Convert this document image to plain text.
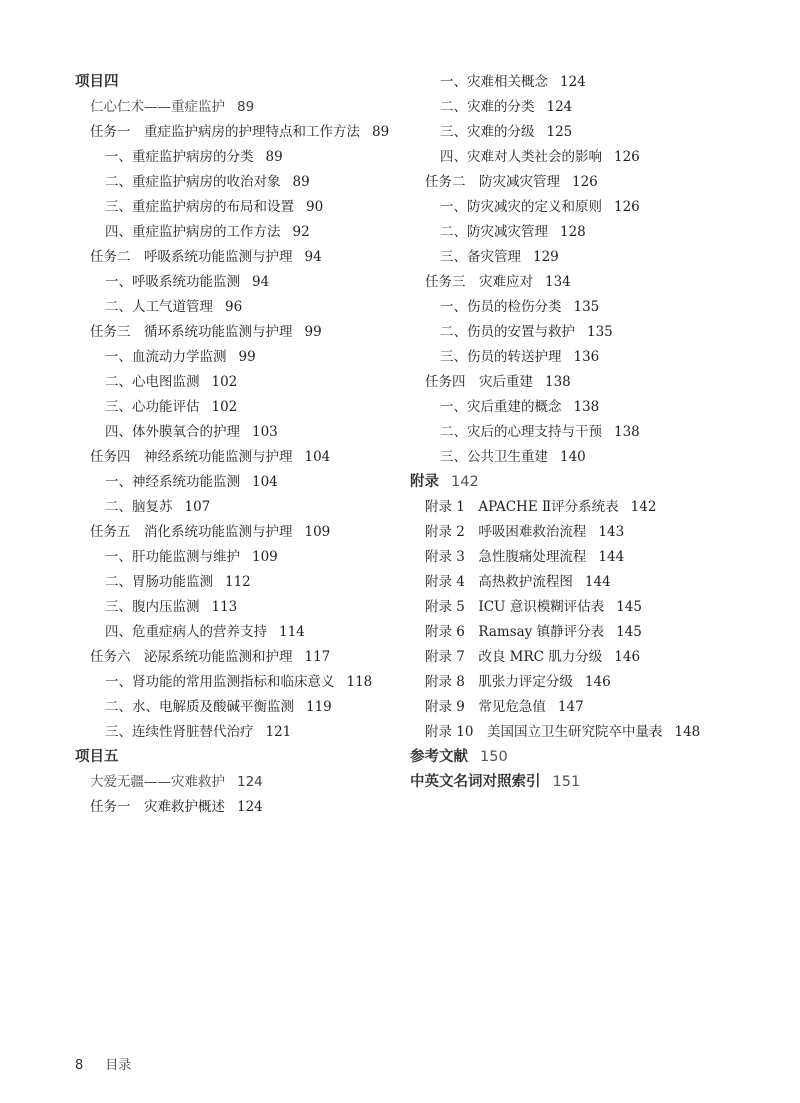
项目四
仁心仁术——重症监护 89
任务一　重症监护病房的护理特点和工作方法 89
一、重症监护病房的分类 89
二、重症监护病房的收治对象 89
三、重症监护病房的布局和设置 90
四、重症监护病房的工作方法 92
任务二　呼吸系统功能监测与护理 94
一、呼吸系统功能监测 94
二、人工气道管理 96
任务三　循环系统功能监测与护理 99
一、血流动力学监测 99
二、心电图监测 102
三、心功能评估 102
四、体外膜氧合的护理 103
任务四　神经系统功能监测与护理 104
一、神经系统功能监测 104
二、脑复苏 107
任务五　消化系统功能监测与护理 109
一、肝功能监测与维护 109
二、胃肠功能监测 112
三、腹内压监测 113
四、危重症病人的营养支持 114
任务六　泌尿系统功能监测和护理 117
一、肾功能的常用监测指标和临床意义 118
二、水、电解质及酸碱平衡监测 119
三、连续性肾脏替代治疗 121
项目五
大爱无疆——灾难救护 124
任务一　灾难救护概述 124
一、灾难相关概念 124
二、灾难的分类 124
三、灾难的分级 125
四、灾难对人类社会的影响 126
任务二　防灾减灾管理 126
一、防灾减灾的定义和原则 126
二、防灾减灾管理 128
三、备灾管理 129
任务三　灾难应对 134
一、伤员的检伤分类 135
二、伤员的安置与救护 135
三、伤员的转送护理 136
任务四　灾后重建 138
一、灾后重建的概念 138
二、灾后的心理支持与干预 138
三、公共卫生重建 140
附录 142
附录 1　APACHE Ⅱ评分系统表 142
附录 2　呼吸困难救治流程 143
附录 3　急性腹痛处理流程 144
附录 4　高热救护流程图 144
附录 5　ICU 意识模糊评估表 145
附录 6　Ramsay 镇静评分表 145
附录 7　改良 MRC 肌力分级 146
附录 8　肌张力评定分级 146
附录 9　常见危急值 147
附录 10　美国国立卫生研究院卒中量表 148
参考文献 150
中英文名词对照索引 151
8 目录
